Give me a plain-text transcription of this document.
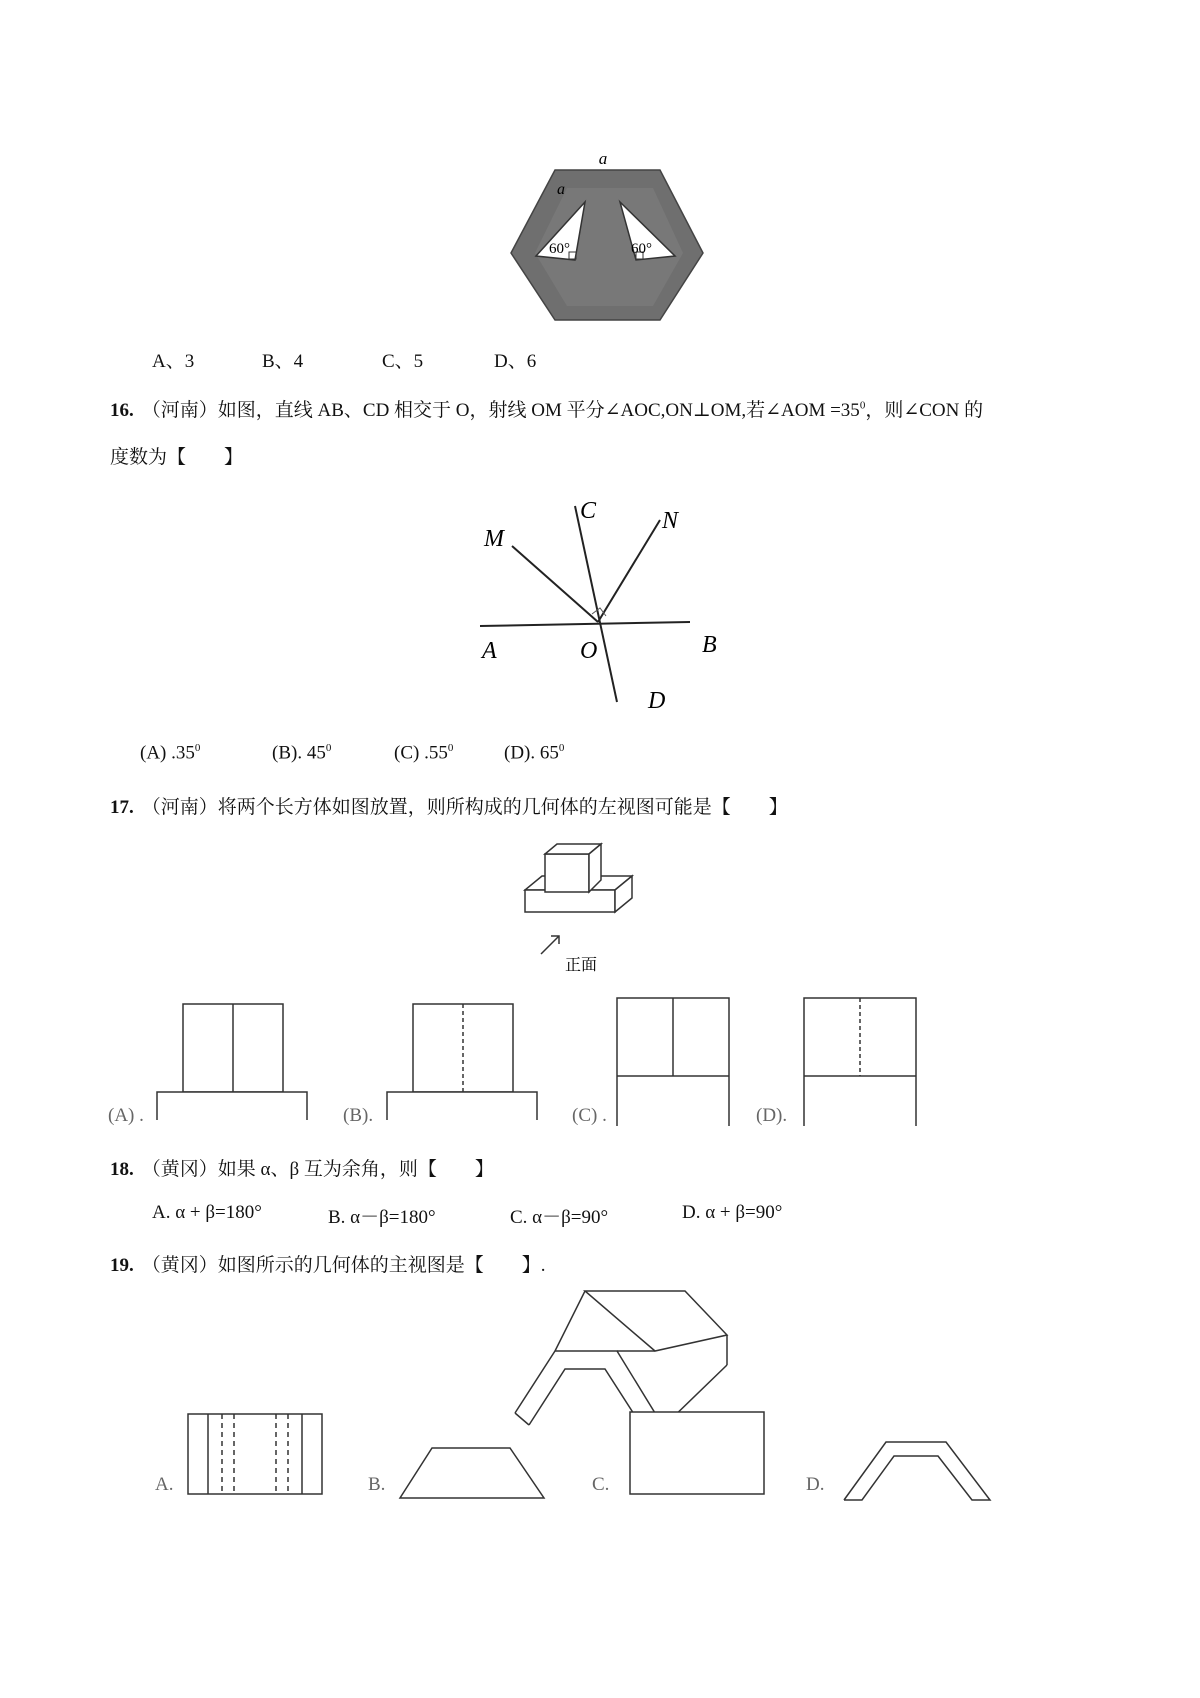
a
a
60°	60°
A、3	B、4	C、5	D、6
16. （河南）如图，直线 AB、CD 相交于 O，射线 OM 平分∠AOC,ON⊥OM,若∠AOM $=35^0$，则∠CON 的
度数为【　　】
M
C	N
A	O	B
D
(A) $.35^0$	(B). $45^0$	(C) $.55^0$	(D). $65^0$
17. （河南）将两个长方体如图放置，则所构成的几何体的左视图可能是【　　】
正面
(A) .	(B).	(C) .	(D).
18. （黄冈）如果 α、β 互为余角，则【　　】
A. α + β=180°	B. α－β=180°	C. α－β=90°	D. α + β=90°
19. （黄冈）如图所示的几何体的主视图是【　　】.
A.	B.	C.	D.
